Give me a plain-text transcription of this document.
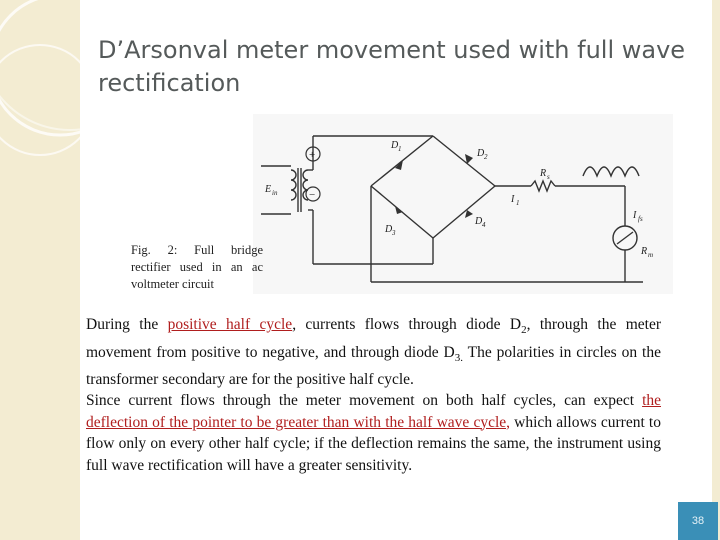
D’Arsonval meter movement used with full wave rectification
+
−
E in
D 1	D 2
D 3
D 4
R s
I 1
I fs
R m
Fig. 2: Full bridge rectifier used in an ac voltmeter circuit

During the positive half cycle, currents flows through diode $D_2$, through the meter movement from positive to negative, and through diode $D_{3.}$ The polarities in circles on the transformer secondary are for the positive half cycle.

Since current flows through the meter movement on both half cycles, can expect the deflection of the pointer to be greater than with the half wave cycle, which allows current to flow only on every other half cycle; if the deflection remains the same, the instrument using full wave rectification will have a greater sensitivity.

38
